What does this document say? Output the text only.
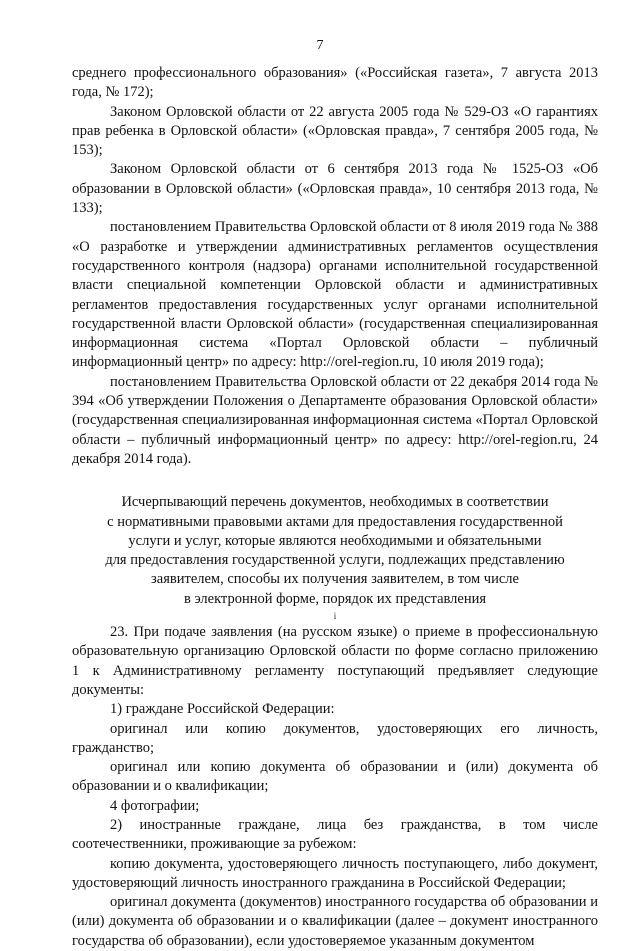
7

среднего профессионального образования» («Российская газета», 7 августа 2013 года, № 172);

Законом Орловской области от 22 августа 2005 года № 529-ОЗ «О гарантиях прав ребенка в Орловской области» («Орловская правда», 7 сентября 2005 года, № 153);

Законом Орловской области от 6 сентября 2013 года № 1525-ОЗ «Об образовании в Орловской области» («Орловская правда», 10 сентября 2013 года, № 133);

постановлением Правительства Орловской области от 8 июля 2019 года № 388 «О разработке и утверждении административных регламентов осуществления государственного контроля (надзора) органами исполнительной государственной власти специальной компетенции Орловской области и административных регламентов предоставления государственных услуг органами исполнительной государственной власти Орловской области» (государственная специализированная информационная система «Портал Орловской области – публичный информационный центр» по адресу: http://orel-region.ru, 10 июля 2019 года);

постановлением Правительства Орловской области от 22 декабря 2014 года № 394 «Об утверждении Положения о Департаменте образования Орловской области» (государственная специализированная информационная система «Портал Орловской области – публичный информационный центр» по адресу: http://orel-region.ru, 24 декабря 2014 года).

Исчерпывающий перечень документов, необходимых в соответствии
с нормативными правовыми актами для предоставления государственной
услуги и услуг, которые являются необходимыми и обязательными
для предоставления государственной услуги, подлежащих представлению
заявителем, способы их получения заявителем, в том числе
в электронной форме, порядок их представления
і

23. При подаче заявления (на русском языке) о приеме в профессиональную образовательную организацию Орловской области по форме согласно приложению 1 к Административному регламенту поступающий предъявляет следующие документы:

1) граждане Российской Федерации:

оригинал или копию документов, удостоверяющих его личность, гражданство;

оригинал или копию документа об образовании и (или) документа об образовании и о квалификации;

4 фотографии;

2) иностранные граждане, лица без гражданства, в том числе соотечественники, проживающие за рубежом:

копию документа, удостоверяющего личность поступающего, либо документ, удостоверяющий личность иностранного гражданина в Российской Федерации;

оригинал документа (документов) иностранного государства об образовании и (или) документа об образовании и о квалификации (далее – документ иностранного государства об образовании), если удостоверяемое указанным документом
